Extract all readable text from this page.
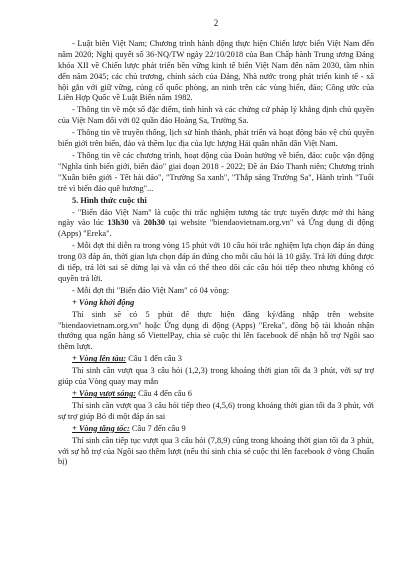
2

- Luật biên Việt Nam; Chương trình hành động thực hiện Chiến lược biển Việt Nam đến năm 2020; Nghị quyết số 36-NQ/TW ngày 22/10/2018 của Ban Chấp hành Trung ương Đảng khóa XII về Chiến lược phát triển bền vững kinh tế biển Việt Nam đến năm 2030, tầm nhìn đến năm 2045; các chủ trương, chính sách của Đảng, Nhà nước trong phát triển kinh tế - xã hội gắn với giữ vững, củng cố quốc phòng, an ninh trên các vùng biển, đảo; Công ước của Liên Hợp Quốc về Luật Biển năm 1982.

- Thông tin về một số đặc điểm, tình hình và các chứng cứ pháp lý khẳng định chủ quyền của Việt Nam đối với 02 quần đảo Hoàng Sa, Trường Sa.

- Thông tin về truyền thống, lịch sử hình thành, phát triển và hoạt động bảo vệ chủ quyền biển giới trên biển, đảo và thềm lục địa của lực lượng Hải quân nhân dân Việt Nam.

- Thông tin về các chương trình, hoạt động của Đoàn hướng về biển, đảo: cuộc vận động "Nghĩa tình biển giới, biển đảo" giai đoạn 2018 - 2022; Đề án Đảo Thanh niên; Chương trình "Xuân biên giới - Tết hải đảo", "Trường Sa xanh", "Thắp sáng Trường Sa", Hành trình "Tuổi trẻ vì biển đảo quê hương"...

5. Hình thức cuộc thi

- "Biển đảo Việt Nam" là cuộc thi trắc nghiệm tương tác trực tuyến được mở thi hàng ngày vào lúc 13h30 và 20h30 tại website "biendaovietnam.org.vn" và Ứng dụng di động (Apps) "Ereka".

- Mỗi đợt thi diễn ra trong vòng 15 phút với 10 câu hỏi trắc nghiệm lựa chọn đáp án đúng trong 03 đáp án, thời gian lựa chọn đáp án đúng cho mỗi câu hỏi là 10 giây. Trả lời đúng được đi tiếp, trả lời sai sẽ dừng lại và vẫn có thể theo dõi các câu hỏi tiếp theo nhưng không có quyền trả lời.

- Mỗi đợt thi "Biển đảo Việt Nam" có 04 vòng:

+ Vòng khởi động

Thí sinh sẽ có 5 phút để thực hiện đăng ký/đăng nhập trên website "biendaovietnam.org.vn" hoặc Ứng dụng di động (Apps) "Ereka", đồng bộ tài khoản nhận thưởng qua ngân hàng số ViettelPay, chia sẻ cuộc thi lên facebook để nhận hỗ trợ Ngôi sao thêm lượt.

+ Vòng lên tàu: Câu 1 đến câu 3

Thí sinh cần vượt qua 3 câu hỏi (1,2,3) trong khoảng thời gian tối đa 3 phút, với sự trợ giúp của Vòng quay may mắn

+ Vòng vượt sóng: Câu 4 đến câu 6

Thí sinh cần vượt qua 3 câu hỏi tiếp theo (4,5,6) trong khoảng thời gian tối đa 3 phút, với sự trợ giúp Bỏ đi một đáp án sai

+ Vòng tăng tốc: Câu 7 đến câu 9

Thí sinh cần tiếp tục vượt qua 3 câu hỏi (7,8,9) cũng trong khoảng thời gian tối đa 3 phút, với sự hỗ trợ của Ngôi sao thêm lượt (nếu thí sinh chia sẻ cuộc thi lên facebook ở vòng Chuẩn bị)
